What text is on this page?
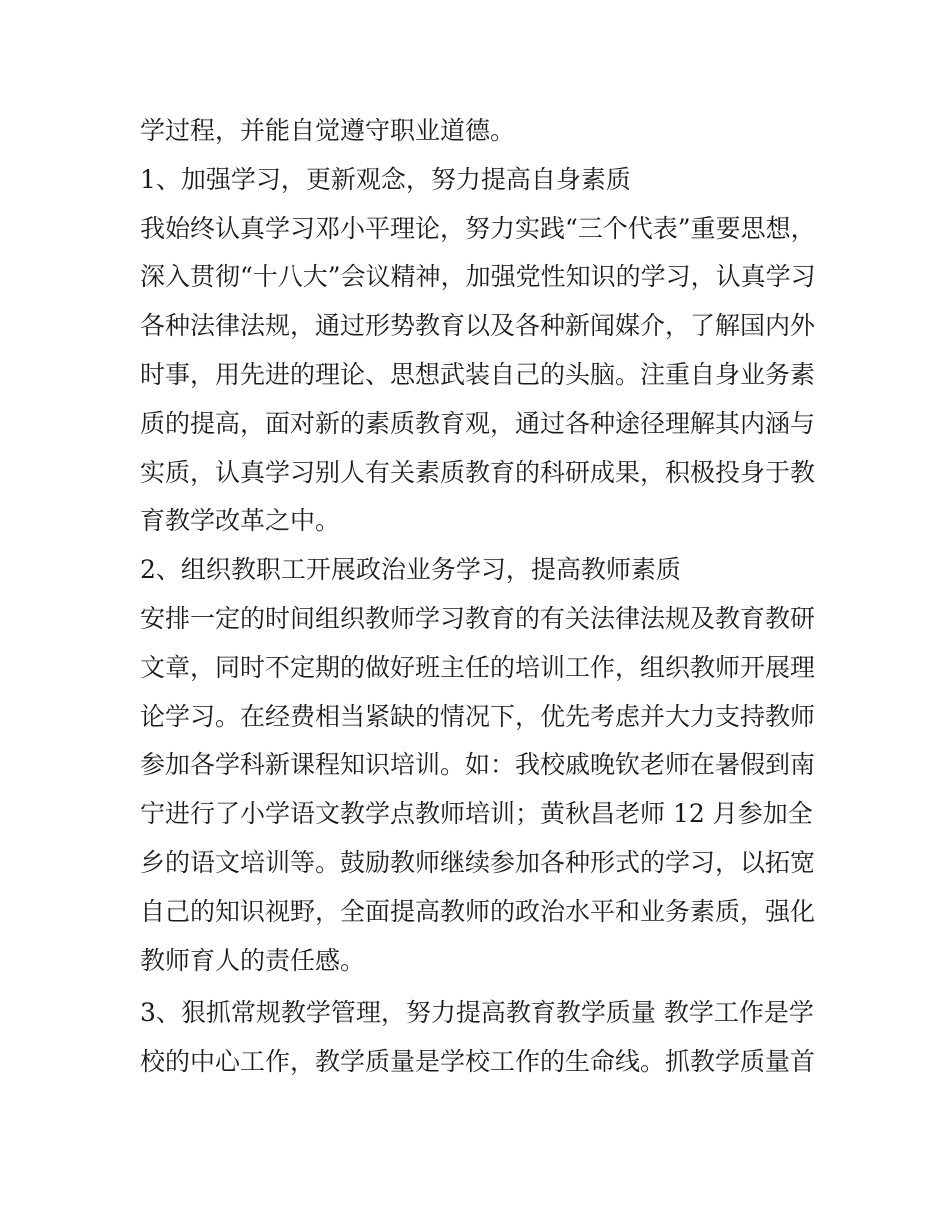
学过程，并能自觉遵守职业道德。
1、加强学习，更新观念，努力提高自身素质
我始终认真学习邓小平理论，努力实践“三个代表”重要思想，
深入贯彻“十八大”会议精神，加强党性知识的学习，认真学习
各种法律法规，通过形势教育以及各种新闻媒介，了解国内外
时事，用先进的理论、思想武装自己的头脑。注重自身业务素
质的提高，面对新的素质教育观，通过各种途径理解其内涵与
实质，认真学习别人有关素质教育的科研成果，积极投身于教
育教学改革之中。
2、组织教职工开展政治业务学习，提高教师素质
安排一定的时间组织教师学习教育的有关法律法规及教育教研
文章，同时不定期的做好班主任的培训工作，组织教师开展理
论学习。在经费相当紧缺的情况下，优先考虑并大力支持教师
参加各学科新课程知识培训。如：我校戚晚钦老师在暑假到南
宁进行了小学语文教学点教师培训；黄秋昌老师 12 月参加全
乡的语文培训等。鼓励教师继续参加各种形式的学习，以拓宽
自己的知识视野，全面提高教师的政治水平和业务素质，强化
教师育人的责任感。
3、狠抓常规教学管理，努力提高教育教学质量 教学工作是学
校的中心工作，教学质量是学校工作的生命线。抓教学质量首
